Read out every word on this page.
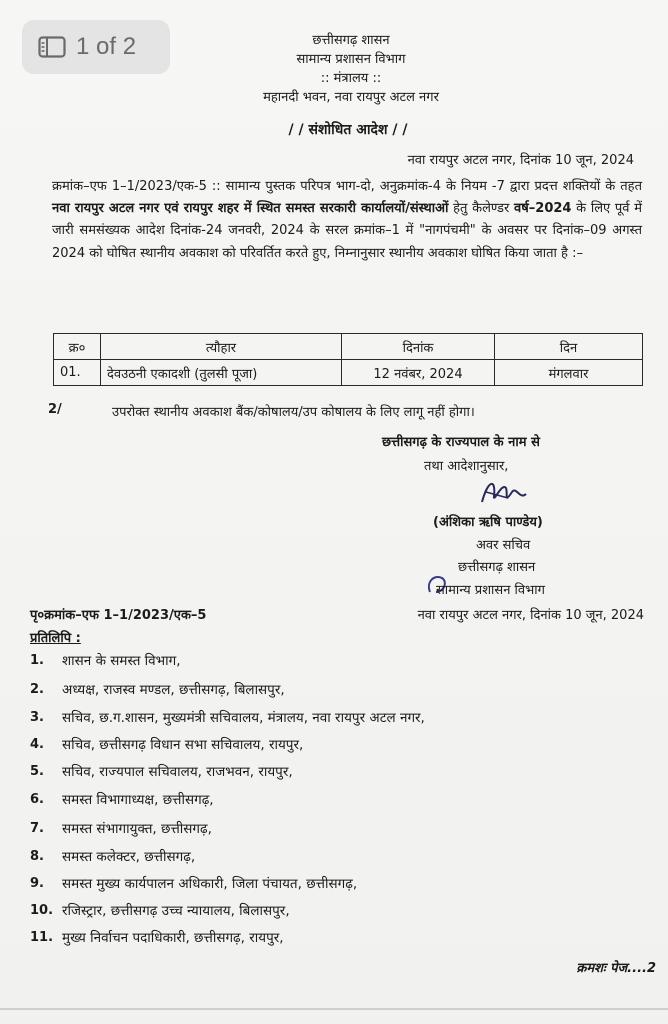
1 of 2	छत्तीसगढ़ शासन
सामान्य प्रशासन विभाग
:: मंत्रालय ::
महानदी भवन, नवा रायपुर अटल नगर
/ / संशोधित आदेश / /
नवा रायपुर अटल नगर, दिनांक 10 जून, 2024

क्रमांक–एफ 1–1/2023/एक-5 :: सामान्य पुस्तक परिपत्र भाग-दो, अनुक्रमांक-4 के नियम -7 द्वारा प्रदत्त शक्तियों के तहत नवा रायपुर अटल नगर एवं रायपुर शहर में स्थित समस्त सरकारी कार्यालयों/संस्थाओं हेतु कैलेण्डर वर्ष–2024 के लिए पूर्व में जारी समसंख्यक आदेश दिनांक-24 जनवरी, 2024 के सरल क्रमांक–1 में "नागपंचमी" के अवसर पर दिनांक–09 अगस्त 2024 को घोषित स्थानीय अवकाश को परिवर्तित करते हुए, निम्नानुसार स्थानीय अवकाश घोषित किया जाता है :–

क्र०	त्यौहार	दिनांक	दिन
01.	देवउठनी एकादशी (तुलसी पूजा)	12 नवंबर, 2024	मंगलवार
2/	उपरोक्त स्थानीय अवकाश बैंक/कोषालय/उप कोषालय के लिए लागू नहीं होगा।
छत्तीसगढ़ के राज्यपाल के नाम से
तथा आदेशानुसार,
(अंशिका ऋषि पाण्डेय)
अवर सचिव
छत्तीसगढ़ शासन
सामान्य प्रशासन विभाग
पृ०क्रमांक–एफ 1–1/2023/एक–5	नवा रायपुर अटल नगर, दिनांक 10 जून, 2024
प्रतिलिपि :
1. शासन के समस्त विभाग,
2. अध्यक्ष, राजस्व मण्डल, छत्तीसगढ़, बिलासपुर,
3. सचिव, छ.ग.शासन, मुख्यमंत्री सचिवालय, मंत्रालय, नवा रायपुर अटल नगर,
4. सचिव, छत्तीसगढ़ विधान सभा सचिवालय, रायपुर,
5. सचिव, राज्यपाल सचिवालय, राजभवन, रायपुर,
6. समस्त विभागाध्यक्ष, छत्तीसगढ़,
7. समस्त संभागायुक्त, छत्तीसगढ़,
8. समस्त कलेक्टर, छत्तीसगढ़,
9. समस्त मुख्य कार्यपालन अधिकारी, जिला पंचायत, छत्तीसगढ़,
10. रजिस्ट्रार, छत्तीसगढ़ उच्च न्यायालय, बिलासपुर,
11. मुख्य निर्वाचन पदाधिकारी, छत्तीसगढ़, रायपुर,
क्रमशः पेज....2
